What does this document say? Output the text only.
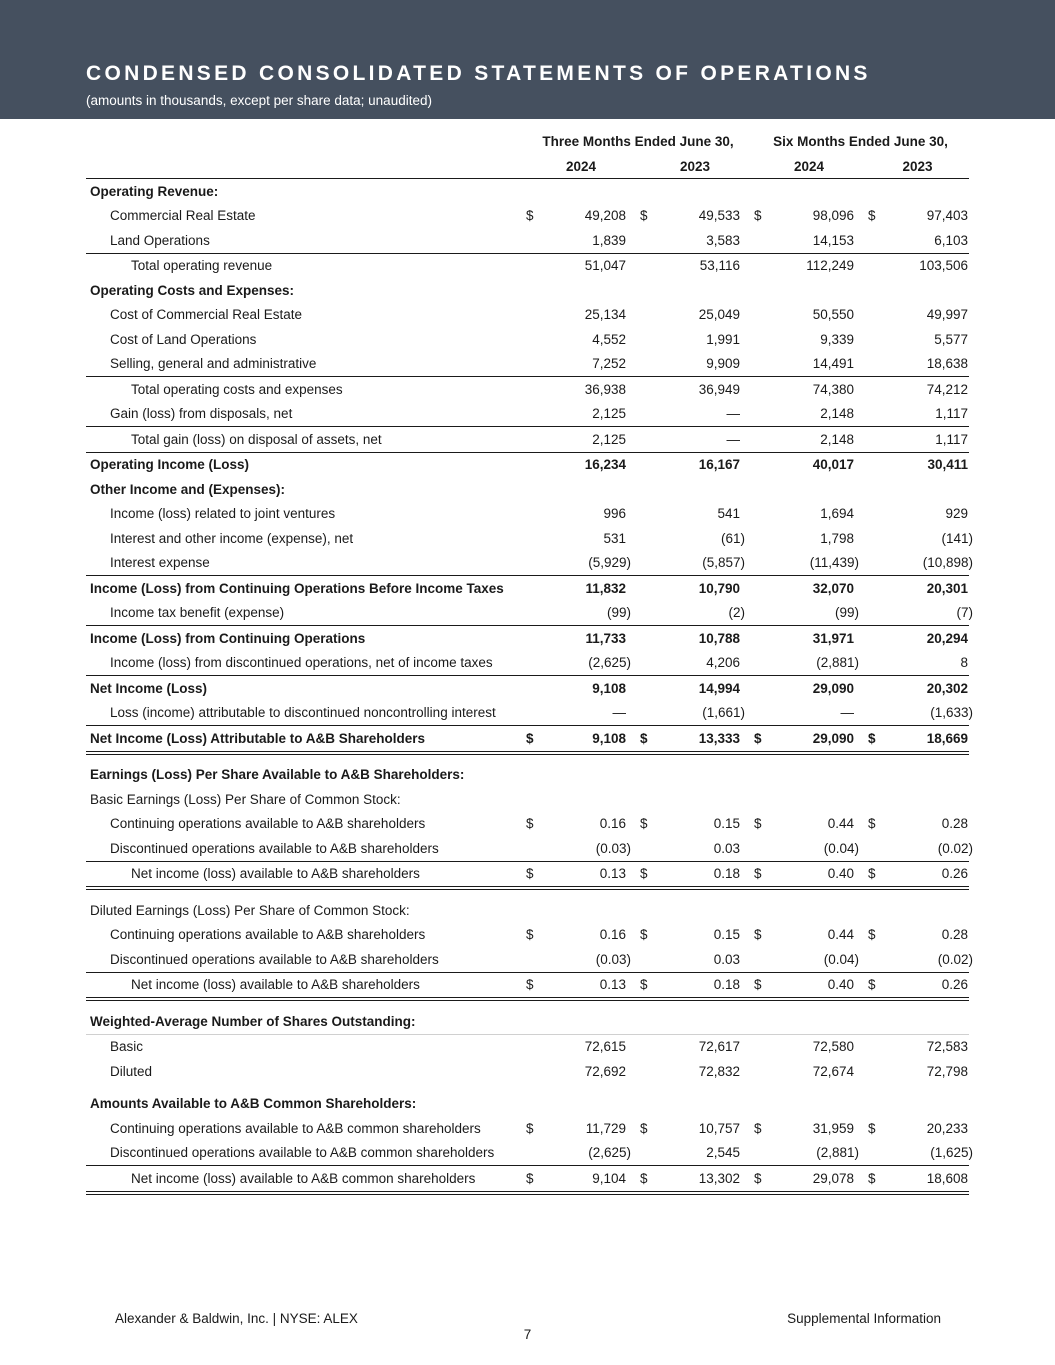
CONDENSED CONSOLIDATED STATEMENTS OF OPERATIONS
(amounts in thousands, except per share data; unaudited)
	Three Months Ended June 30,	Six Months Ended June 30,
	2024	2023	2024	2023
Operating Revenue:												
Commercial Real Estate	$	49,208		$	49,533		$	98,096		$	97,403	
Land Operations		1,839			3,583			14,153			6,103	
Total operating revenue		51,047			53,116			112,249			103,506	
Operating Costs and Expenses:												
Cost of Commercial Real Estate		25,134			25,049			50,550			49,997	
Cost of Land Operations		4,552			1,991			9,339			5,577	
Selling, general and administrative		7,252			9,909			14,491			18,638	
Total operating costs and expenses		36,938			36,949			74,380			74,212	
Gain (loss) from disposals, net		2,125			—			2,148			1,117	
Total gain (loss) on disposal of assets, net		2,125			—			2,148			1,117	
Operating Income (Loss)		16,234			16,167			40,017			30,411	
Other Income and (Expenses):												
Income (loss) related to joint ventures		996			541			1,694			929	
Interest and other income (expense), net		531			(61)			1,798			(141)	
Interest expense		(5,929)			(5,857)			(11,439)			(10,898)	
Income (Loss) from Continuing Operations Before Income Taxes		11,832			10,790			32,070			20,301	
Income tax benefit (expense)		(99)			(2)			(99)			(7)	
Income (Loss) from Continuing Operations		11,733			10,788			31,971			20,294	
Income (loss) from discontinued operations, net of income taxes		(2,625)			4,206			(2,881)			8	
Net Income (Loss)		9,108			14,994			29,090			20,302	
Loss (income) attributable to discontinued noncontrolling interest		—			(1,661)			—			(1,633)	
Net Income (Loss) Attributable to A&B Shareholders	$	9,108		$	13,333		$	29,090		$	18,669	

Earnings (Loss) Per Share Available to A&B Shareholders:												
Basic Earnings (Loss) Per Share of Common Stock:												
Continuing operations available to A&B shareholders	$	0.16		$	0.15		$	0.44		$	0.28	
Discontinued operations available to A&B shareholders		(0.03)			0.03			(0.04)			(0.02)	
Net income (loss) available to A&B shareholders	$	0.13		$	0.18		$	0.40		$	0.26	

Diluted Earnings (Loss) Per Share of Common Stock:												
Continuing operations available to A&B shareholders	$	0.16		$	0.15		$	0.44		$	0.28	
Discontinued operations available to A&B shareholders		(0.03)			0.03			(0.04)			(0.02)	
Net income (loss) available to A&B shareholders	$	0.13		$	0.18		$	0.40		$	0.26	

Weighted-Average Number of Shares Outstanding:												
Basic		72,615			72,617			72,580			72,583	
Diluted		72,692			72,832			72,674			72,798	

Amounts Available to A&B Common Shareholders:												
Continuing operations available to A&B common shareholders	$	11,729		$	10,757		$	31,959		$	20,233	
Discontinued operations available to A&B common shareholders		(2,625)			2,545			(2,881)			(1,625)	
Net income (loss) available to A&B common shareholders	$	9,104		$	13,302		$	29,078		$	18,608	
Alexander & Baldwin, Inc. | NYSE: ALEX	Supplemental Information
7
